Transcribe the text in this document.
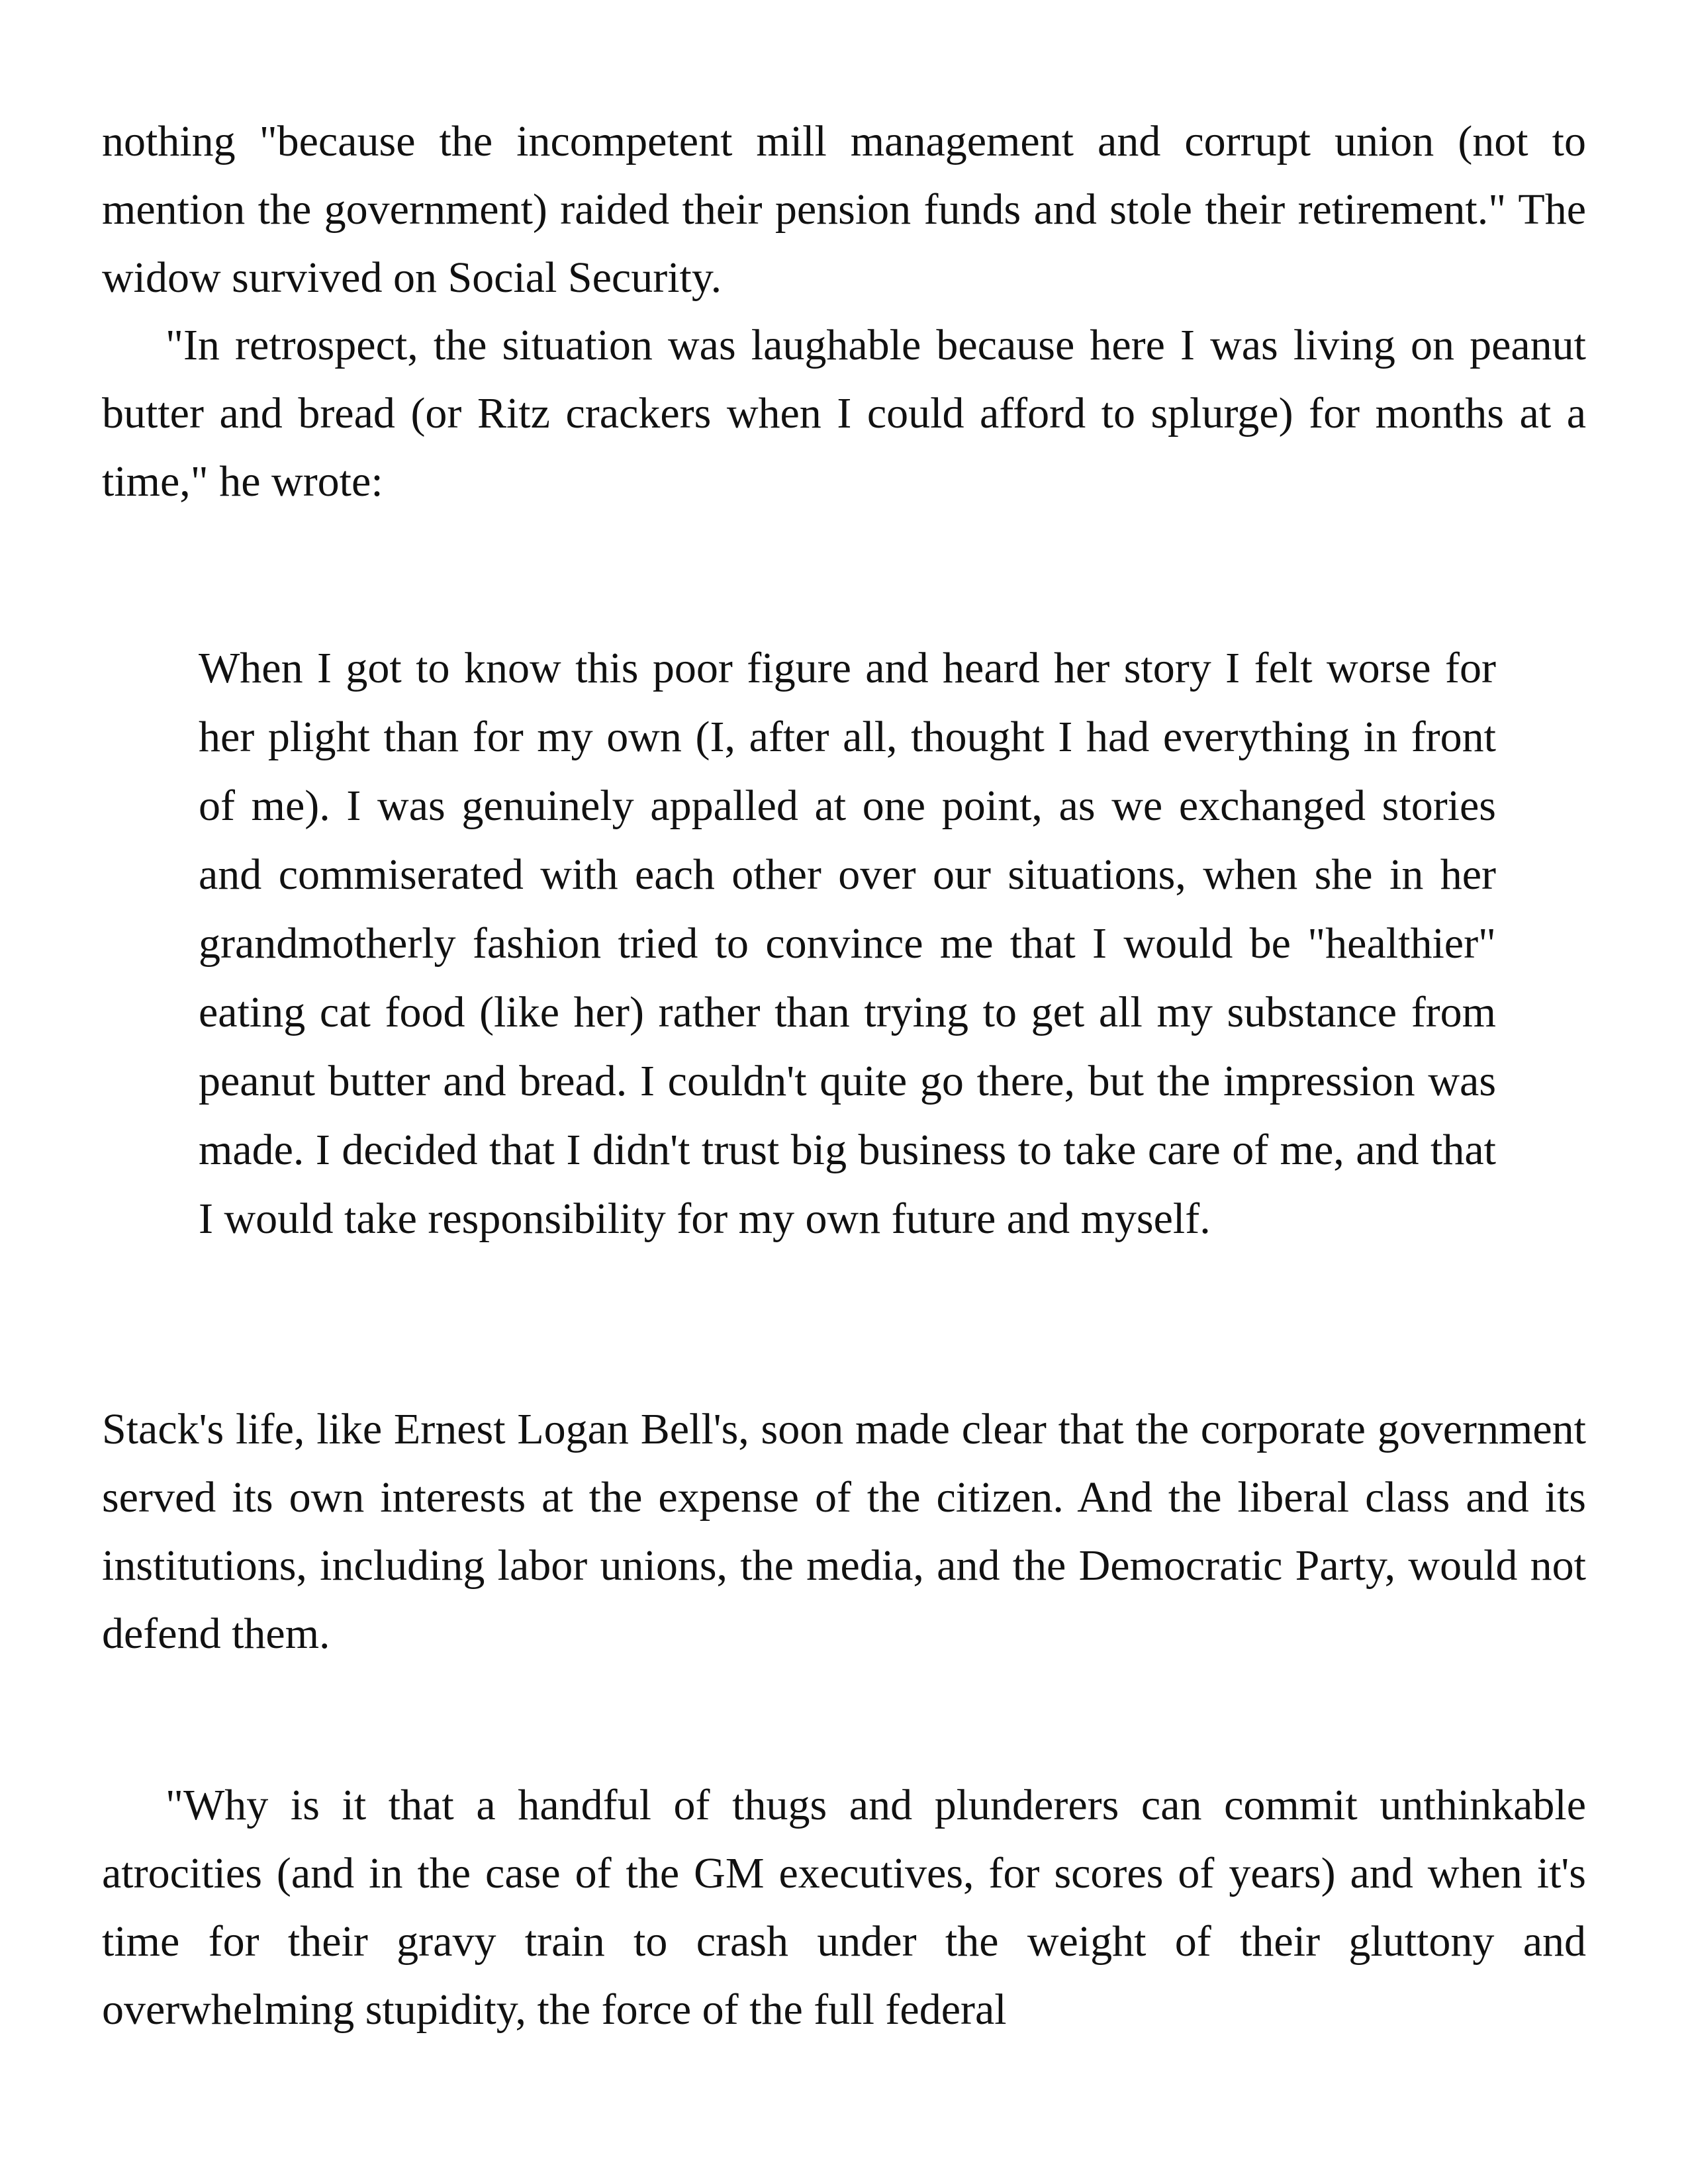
nothing "because the incompetent mill management and corrupt union (not to mention the government) raided their pension funds and stole their retirement." The widow survived on Social Security.

"In retrospect, the situation was laughable because here I was living on peanut butter and bread (or Ritz crackers when I could afford to splurge) for months at a time," he wrote:

When I got to know this poor figure and heard her story I felt worse for her plight than for my own (I, after all, thought I had everything in front of me). I was genuinely appalled at one point, as we exchanged stories and commiserated with each other over our situations, when she in her grandmotherly fashion tried to convince me that I would be "healthier" eating cat food (like her) rather than trying to get all my substance from peanut butter and bread. I couldn't quite go there, but the impression was made. I decided that I didn't trust big business to take care of me, and that I would take responsibility for my own future and myself.

Stack's life, like Ernest Logan Bell's, soon made clear that the corporate government served its own interests at the expense of the citizen. And the liberal class and its institutions, including labor unions, the media, and the Democratic Party, would not defend them.

"Why is it that a handful of thugs and plunderers can commit unthinkable atrocities (and in the case of the GM executives, for scores of years) and when it's time for their gravy train to crash under the weight of their gluttony and overwhelming stupidity, the force of the full federal
